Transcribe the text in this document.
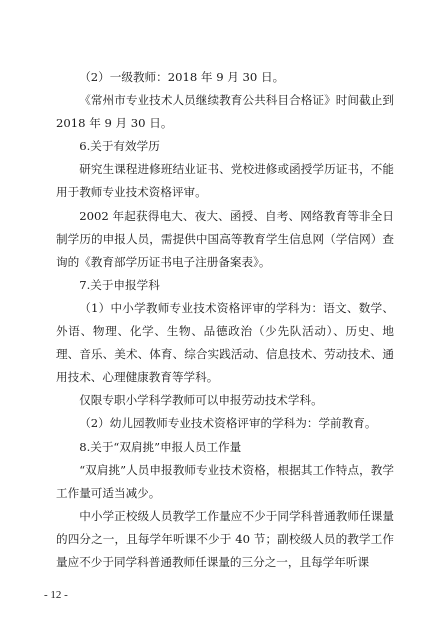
（2）一级教师：2018 年 9 月 30 日。

《常州市专业技术人员继续教育公共科目合格证》时间截止到 2018 年 9 月 30 日。

6.关于有效学历

研究生课程进修班结业证书、党校进修或函授学历证书，不能用于教师专业技术资格评审。

2002 年起获得电大、夜大、函授、自考、网络教育等非全日制学历的申报人员，需提供中国高等教育学生信息网（学信网）查询的《教育部学历证书电子注册备案表》。

7.关于申报学科

（1）中小学教师专业技术资格评审的学科为：语文、数学、外语、物理、化学、生物、品德政治（少先队活动）、历史、地理、音乐、美术、体育、综合实践活动、信息技术、劳动技术、通用技术、心理健康教育等学科。

仅限专职小学科学教师可以申报劳动技术学科。

（2）幼儿园教师专业技术资格评审的学科为：学前教育。

8.关于“双肩挑”申报人员工作量

“双肩挑”人员申报教师专业技术资格，根据其工作特点，教学工作量可适当减少。

中小学正校级人员教学工作量应不少于同学科普通教师任课量的四分之一，且每学年听课不少于 40 节；副校级人员的教学工作量应不少于同学科普通教师任课量的三分之一，且每学年听课

- 12 -
